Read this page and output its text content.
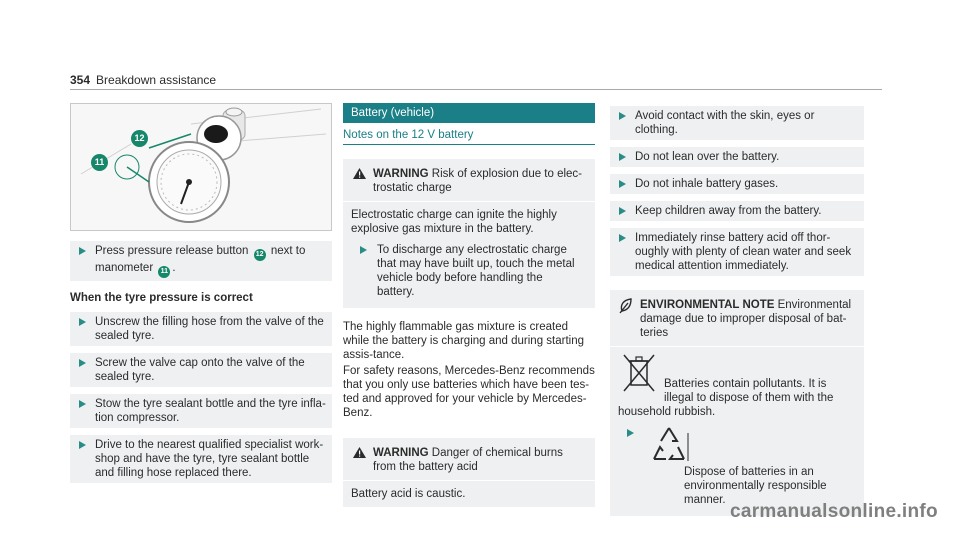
354 Breakdown assistance
12
11
Press pressure release button 12 next to manometer 11 .
When the tyre pressure is correct
Unscrew the filling hose from the valve of the sealed tyre.
Screw the valve cap onto the valve of the sealed tyre.
Stow the tyre sealant bottle and the tyre infla-tion compressor.
Drive to the nearest qualified specialist work-shop and have the tyre, tyre sealant bottle and filling hose replaced there.
Battery (vehicle)
Notes on the 12 V battery
WARNING Risk of explosion due to elec-trostatic charge
Electrostatic charge can ignite the highly explosive gas mixture in the battery.
To discharge any electrostatic charge that may have built up, touch the metal vehicle body before handling the battery.
The highly flammable gas mixture is created while the battery is charging and during starting assis-tance.
For safety reasons, Mercedes-Benz recommends that you only use batteries which have been tes-ted and approved for your vehicle by Mercedes-Benz.
WARNING Danger of chemical burns from the battery acid
Battery acid is caustic.
Avoid contact with the skin, eyes or clothing.
Do not lean over the battery.
Do not inhale battery gases.
Keep children away from the battery.
Immediately rinse battery acid off thor-oughly with plenty of clean water and seek medical attention immediately.
ENVIRONMENTAL NOTE Environmental damage due to improper disposal of bat-teries
Batteries contain pollutants. It is illegal to dispose of them with the household rubbish.
Dispose of batteries in an environmentally responsible manner.
carmanualsonline.info
